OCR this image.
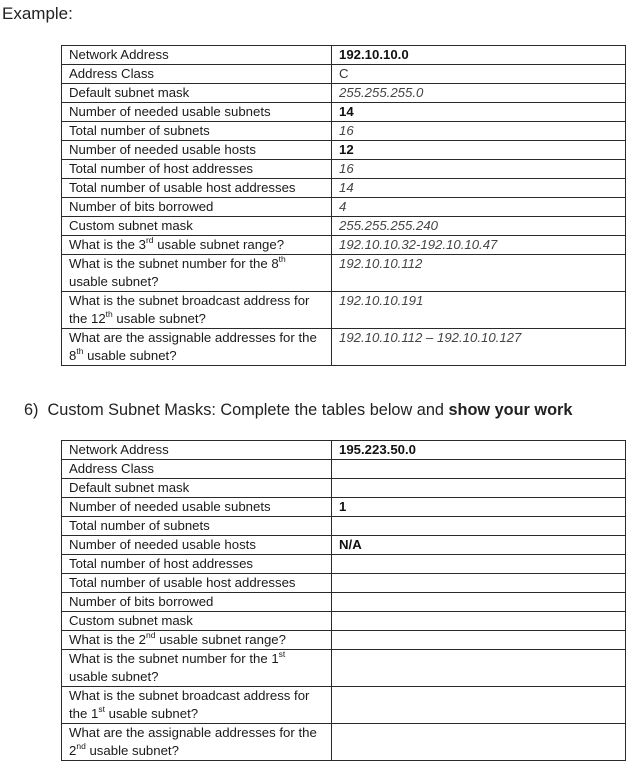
Example:
Network Address	192.10.10.0
Address Class	C
Default subnet mask	255.255.255.0
Number of needed usable subnets	14
Total number of subnets	16
Number of needed usable hosts	12
Total number of host addresses	16
Total number of usable host addresses	14
Number of bits borrowed	4
Custom subnet mask	255.255.255.240
What is the 3rd usable subnet range?	192.10.10.32-192.10.10.47
What is the subnet number for the 8th usable subnet?	192.10.10.112
What is the subnet broadcast address for the 12th usable subnet?	192.10.10.191
What are the assignable addresses for the 8th usable subnet?	192.10.10.112 – 192.10.10.127
6) Custom Subnet Masks: Complete the tables below and show your work
Network Address	195.223.50.0
Address Class	
Default subnet mask	
Number of needed usable subnets	1
Total number of subnets	
Number of needed usable hosts	N/A
Total number of host addresses	
Total number of usable host addresses	
Number of bits borrowed	
Custom subnet mask	
What is the 2nd usable subnet range?	
What is the subnet number for the 1st usable subnet?	
What is the subnet broadcast address for the 1st usable subnet?	
What are the assignable addresses for the 2nd usable subnet?	
